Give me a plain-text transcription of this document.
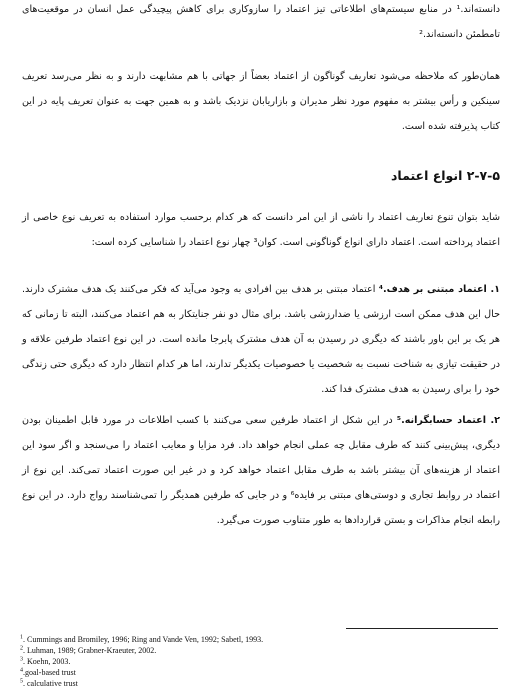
دانسته‌اند.¹ در منابع سیستم‌های اطلاعاتی تیز اعتماد را سازوکاری برای کاهش پیچیدگی عمل انسان در موقعیت‌های تامطمئن دانسته‌اند.²

همان‌طور که ملاحظه می‌شود تعاریف گوناگون از اعتماد بعضاً از جهاتی با هم مشابهت دارند و به نظر می‌رسد تعریف سینکین و رأس بیشتر به مفهوم مورد نظر مدیران و بازاریابان نزدیک باشد و به همین جهت به عنوان تعریف پایه در این کتاب پذیرفته شده است.

۲-۷-۵ انواع اعتماد

شاید بتوان تنوع تعاریف اعتماد را ناشی از این امر دانست که هر کدام برحسب موارد استفاده به تعریف نوع خاصی از اعتماد پرداخته است. اعتماد دارای انواع گوناگونی است. کوان³ چهار نوع اعتماد را شناسایی کرده است:

۱. اعتماد مبتنی بر هدف.⁴ اعتماد مبتنی بر هدف بین افرادی به وجود می‌آید که فکر می‌کنند یک هدف مشترک دارند. حال این هدف ممکن است ارزشی یا ضدارزشی باشد. برای مثال دو نفر جنایتکار به هم اعتماد می‌کنند، البته تا زمانی که هر یک بر این باور باشند که دیگری در رسیدن به آن هدف مشترک پابرجا مانده است. در این نوع اعتماد طرفین علاقه و در حقیقت تیازی به شناخت نسبت به شخصیت یا خصوصیات یکدیگر تدارند، اما هر کدام انتظار دارد که دیگری حتی زندگی خود را برای رسیدن به هدف مشترک فدا کند.

۲. اعتماد حسابگرانه.⁵ در این شکل از اعتماد طرفین سعی می‌کنند با کسب اطلاعات در مورد قابل اطمینان بودن دیگری، پیش‌بینی کنند که طرف مقابل چه عملی انجام خواهد داد. فرد مزایا و معایب اعتماد را می‌سنجد و اگر سود این اعتماد از هزینه‌های آن بیشتر باشد به طرف مقابل اعتماد خواهد کرد و در غیر این صورت اعتماد تمی‌کند. این نوع از اعتماد در روابط تجاری و دوستی‌های مبتنی بر فایده⁶ و در جایی که طرفین همدیگر را تمی‌شناسند رواج دارد. در این نوع رابطه انجام مذاکرات و بستن قراردادها به طور متناوب صورت می‌گیرد.

$^1$. Cummings and Bromiley, 1996; Ring and Vande Ven, 1992; Sabetl, 1993.
$^2$. Luhman, 1989; Grabner-Kraeuter, 2002.
$^3$. Koehn, 2003.
$^4$.goal-based trust
$^5$. calculative trust
